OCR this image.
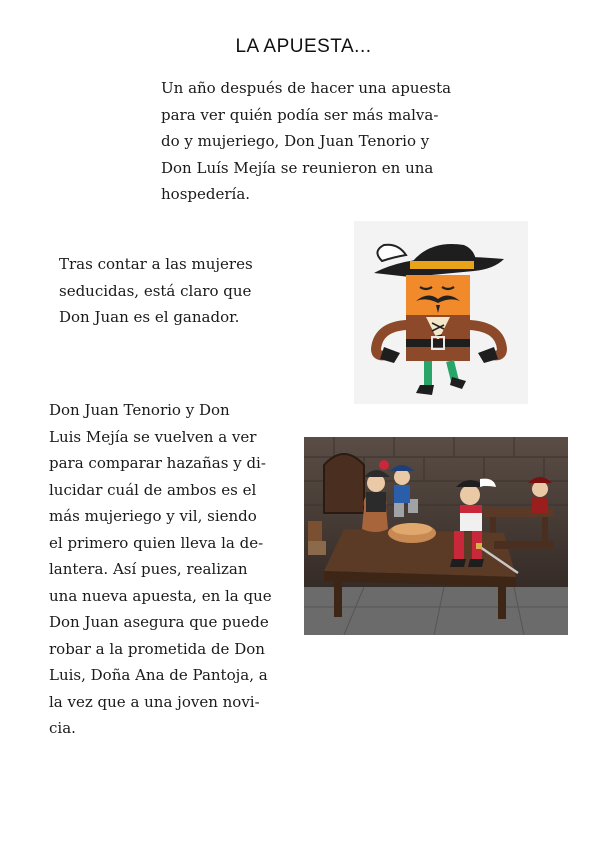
LA APUESTA...
Un año después de hacer una apuesta
para ver quién podía ser más malva-
do y mujeriego, Don Juan Tenorio y
Don Luís Mejía se reunieron en una
hospedería.
Tras contar a las mujeres
seducidas, está claro que
Don Juan es el ganador.
Don Juan Tenorio y Don
Luis Mejía se vuelven a ver
para comparar hazañas y di-
lucidar cuál de ambos es el
más mujeriego y vil, siendo
el primero quien lleva la de-
lantera. Así pues, realizan
una nueva apuesta, en la que
Don Juan asegura que puede
robar a la prometida de Don
Luis, Doña Ana de Pantoja, a
la vez que a una joven novi-
cia.
